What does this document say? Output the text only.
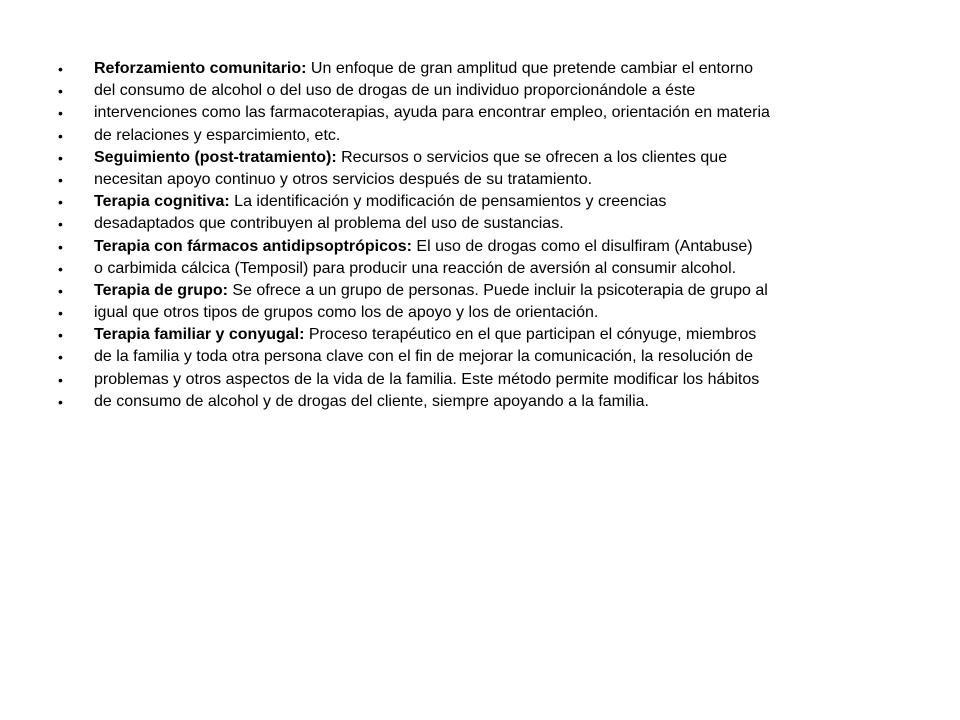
• Reforzamiento comunitario: Un enfoque de gran amplitud que pretende cambiar el entorno
• del consumo de alcohol o del uso de drogas de un individuo proporcionándole a éste
• intervenciones como las farmacoterapias, ayuda para encontrar empleo, orientación en materia
• de relaciones y esparcimiento, etc.
• Seguimiento (post-tratamiento): Recursos o servicios que se ofrecen a los clientes que
• necesitan apoyo continuo y otros servicios después de su tratamiento.
• Terapia cognitiva: La identificación y modificación de pensamientos y creencias
• desadaptados que contribuyen al problema del uso de sustancias.
• Terapia con fármacos antidipsoptrópicos: El uso de drogas como el disulfiram (Antabuse)
• o carbimida cálcica (Temposil) para producir una reacción de aversión al consumir alcohol.
• Terapia de grupo: Se ofrece a un grupo de personas. Puede incluir la psicoterapia de grupo al
• igual que otros tipos de grupos como los de apoyo y los de orientación.
• Terapia familiar y conyugal: Proceso terapéutico en el que participan el cónyuge, miembros
• de la familia y toda otra persona clave con el fin de mejorar la comunicación, la resolución de
• problemas y otros aspectos de la vida de la familia. Este método permite modificar los hábitos
• de consumo de alcohol y de drogas del cliente, siempre apoyando a la familia.
